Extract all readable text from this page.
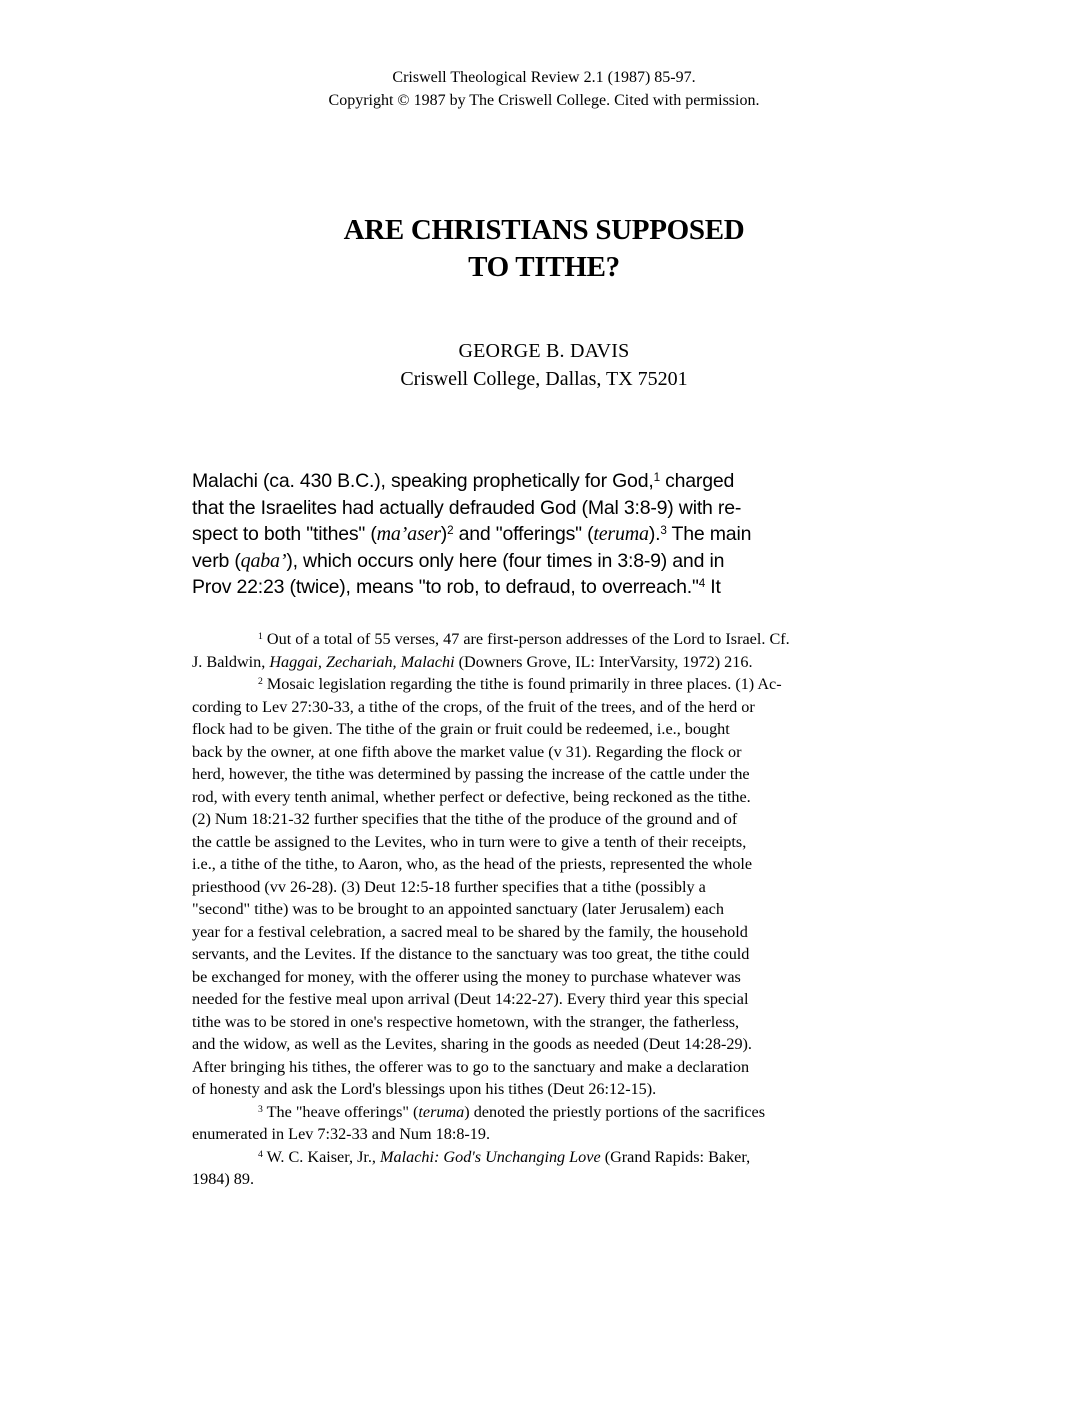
Criswell Theological Review 2.1 (1987) 85-97.
Copyright © 1987 by The Criswell College. Cited with permission.
ARE CHRISTIANS SUPPOSED
TO TITHE?
GEORGE B. DAVIS
Criswell College, Dallas, TX 75201
Malachi (ca. 430 B.C.), speaking prophetically for God,$^1$ charged
that the Israelites had actually defrauded God (Mal 3:8-9) with re-
spect to both "tithes" (ma’aser)$^2$ and "offerings" (teruma).$^3$ The main
verb (qaba’), which occurs only here (four times in 3:8-9) and in
Prov 22:23 (twice), means "to rob, to defraud, to overreach."$^4$ It
$^1$ Out of a total of 55 verses, 47 are first-person addresses of the Lord to Israel. Cf.
J. Baldwin, Haggai, Zechariah, Malachi (Downers Grove, IL: InterVarsity, 1972) 216.
$^2$ Mosaic legislation regarding the tithe is found primarily in three places. (1) Ac-
cording to Lev 27:30-33, a tithe of the crops, of the fruit of the trees, and of the herd or
flock had to be given. The tithe of the grain or fruit could be redeemed, i.e., bought
back by the owner, at one fifth above the market value (v 31). Regarding the flock or
herd, however, the tithe was determined by passing the increase of the cattle under the
rod, with every tenth animal, whether perfect or defective, being reckoned as the tithe.
(2) Num 18:21-32 further specifies that the tithe of the produce of the ground and of
the cattle be assigned to the Levites, who in turn were to give a tenth of their receipts,
i.e., a tithe of the tithe, to Aaron, who, as the head of the priests, represented the whole
priesthood (vv 26-28). (3) Deut 12:5-18 further specifies that a tithe (possibly a
"second" tithe) was to be brought to an appointed sanctuary (later Jerusalem) each
year for a festival celebration, a sacred meal to be shared by the family, the household
servants, and the Levites. If the distance to the sanctuary was too great, the tithe could
be exchanged for money, with the offerer using the money to purchase whatever was
needed for the festive meal upon arrival (Deut 14:22-27). Every third year this special
tithe was to be stored in one's respective hometown, with the stranger, the fatherless,
and the widow, as well as the Levites, sharing in the goods as needed (Deut 14:28-29).
After bringing his tithes, the offerer was to go to the sanctuary and make a declaration
of honesty and ask the Lord's blessings upon his tithes (Deut 26:12-15).
$^3$ The "heave offerings" (teruma) denoted the priestly portions of the sacrifices
enumerated in Lev 7:32-33 and Num 18:8-19.
$^4$ W. C. Kaiser, Jr., Malachi: God's Unchanging Love (Grand Rapids: Baker,
1984) 89.
